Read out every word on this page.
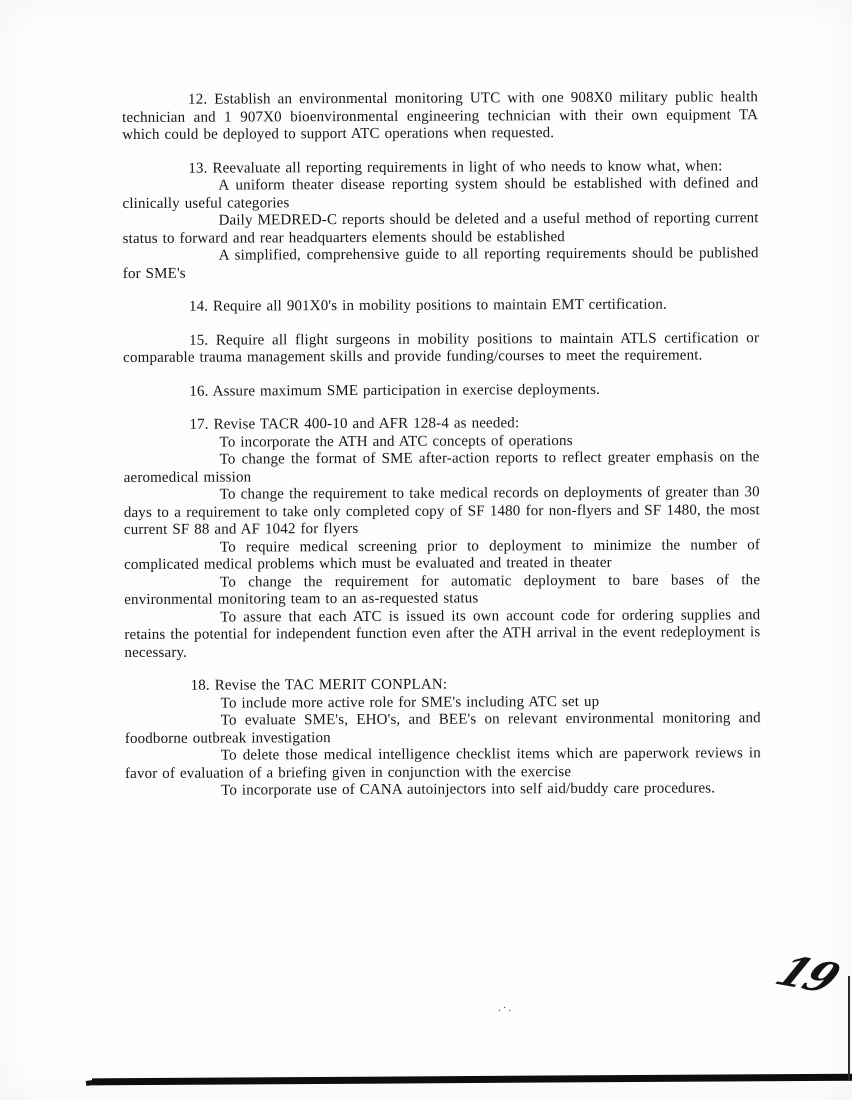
12. Establish an environmental monitoring UTC with one 908X0 military public health technician and 1 907X0 bioenvironmental engineering technician with their own equipment TA which could be deployed to support ATC operations when requested.

13. Reevaluate all reporting requirements in light of who needs to know what, when:

A uniform theater disease reporting system should be established with defined and clinically useful categories

Daily MEDRED-C reports should be deleted and a useful method of reporting current status to forward and rear headquarters elements should be established

A simplified, comprehensive guide to all reporting requirements should be published for SME's

14. Require all 901X0's in mobility positions to maintain EMT certification.

15. Require all flight surgeons in mobility positions to maintain ATLS certification or comparable trauma management skills and provide funding/courses to meet the requirement.

16. Assure maximum SME participation in exercise deployments.

17. Revise TACR 400-10 and AFR 128-4 as needed:

To incorporate the ATH and ATC concepts of operations

To change the format of SME after-action reports to reflect greater emphasis on the aeromedical mission

To change the requirement to take medical records on deployments of greater than 30 days to a requirement to take only completed copy of SF 1480 for non-flyers and SF 1480, the most current SF 88 and AF 1042 for flyers

To require medical screening prior to deployment to minimize the number of complicated medical problems which must be evaluated and treated in theater

To change the requirement for automatic deployment to bare bases of the environmental monitoring team to an as-requested status

To assure that each ATC is issued its own account code for ordering supplies and retains the potential for independent function even after the ATH arrival in the event redeployment is necessary.

18. Revise the TAC MERIT CONPLAN:

To include more active role for SME's including ATC set up

To evaluate SME's, EHO's, and BEE's on relevant environmental monitoring and foodborne outbreak investigation

To delete those medical intelligence checklist items which are paperwork reviews in favor of evaluation of a briefing given in conjunction with the exercise

To incorporate use of CANA autoinjectors into self aid/buddy care procedures.

19
.·.
